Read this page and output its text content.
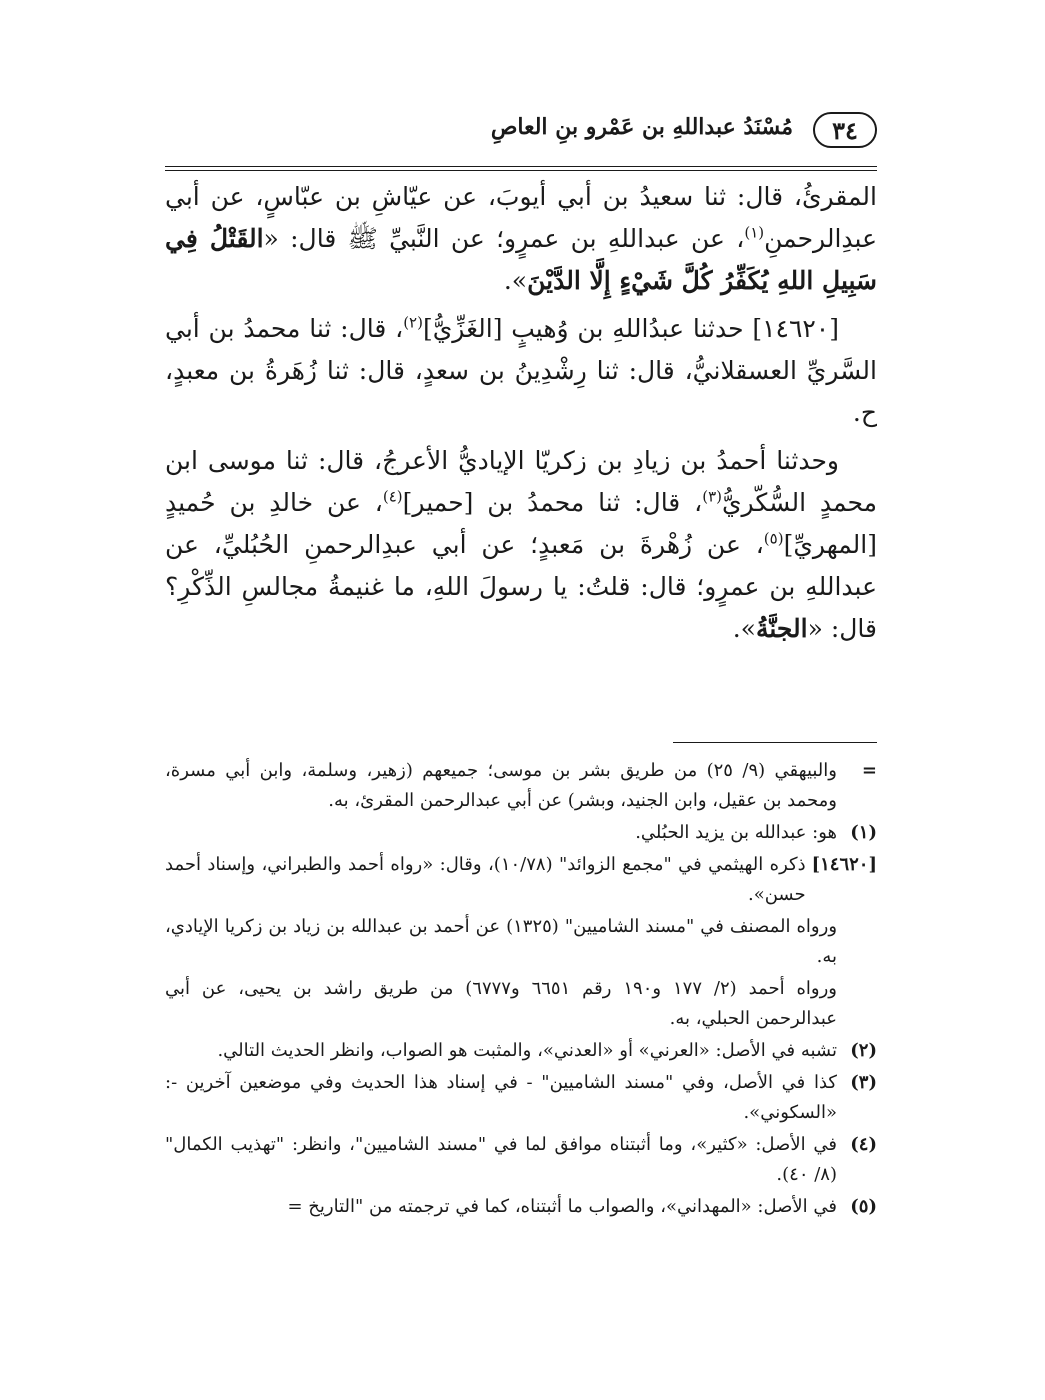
٣٤
مُسْنَدُ عبداللهِ بن عَمْرو بنِ العاصِ

المقرئُ، قال: ثنا سعيدُ بن أبي أيوبَ، عن عيّاشِ بن عبّاسٍ، عن أبي عبدِالرحمنِ$^{(١)}$، عن عبداللهِ بن عمرٍو؛ عن النَّبيِّ ﷺ قال: «القَتْلُ فِي سَبِيلِ اللهِ يُكَفِّرُ كُلَّ شَيْءٍ إِلَّا الدَّيْنَ».

[١٤٦٢٠] حدثنا عبدُاللهِ بن وُهيبٍ [الغَزِّيُّ]$^{(٢)}$، قال: ثنا محمدُ بن أبي السَّريِّ العسقلانيُّ، قال: ثنا رِشْدِينُ بن سعدٍ، قال: ثنا زُهَرةُ بن معبدٍ، ح.

وحدثنا أحمدُ بن زيادِ بن زكريّا الإياديُّ الأعرجُ، قال: ثنا موسى ابن محمدٍ السُّكّريُّ$^{(٣)}$، قال: ثنا محمدُ بن [حمير]$^{(٤)}$، عن خالدِ بن حُميدٍ [المهريِّ]$^{(٥)}$، عن زُهْرةَ بن مَعبدٍ؛ عن أبي عبدِالرحمنِ الحُبُليِّ، عن عبداللهِ بن عمرٍو؛ قال: قلتُ: يا رسولَ اللهِ، ما غنيمةُ مجالسِ الذِّكْرِ؟ قال: «الجنَّةُ».

=
والبيهقي (٩/ ٢٥) من طريق بشر بن موسى؛ جميعهم (زهير، وسلمة، وابن أبي مسرة، ومحمد بن عقيل، وابن الجنيد، وبشر) عن أبي عبدالرحمن المقرئ، به.
(١)
هو: عبدالله بن يزيد الحبُلي.
[١٤٦٢٠]
ذكره الهيثمي في "مجمع الزوائد" (١٠/٧٨)، وقال: «رواه أحمد والطبراني، وإسناد أحمد حسن».
ورواه المصنف في "مسند الشاميين" (١٣٢٥) عن أحمد بن عبدالله بن زياد بن زكريا الإيادي، به.
ورواه أحمد (٢/ ١٧٧ و١٩٠ رقم ٦٦٥١ و٦٧٧٧) من طريق راشد بن يحيى، عن أبي عبدالرحمن الحبلي، به.
(٢)
تشبه في الأصل: «العرني» أو «العدني»، والمثبت هو الصواب، وانظر الحديث التالي.
(٣)
كذا في الأصل، وفي "مسند الشاميين" - في إسناد هذا الحديث وفي موضعين آخرين -: «السكوني».
(٤)
في الأصل: «كثير»، وما أثبتناه موافق لما في "مسند الشاميين"، وانظر: "تهذيب الكمال" (٨/ ٤٠).
(٥)
في الأصل: «المهداني»، والصواب ما أثبتناه، كما في ترجمته من "التاريخ =
